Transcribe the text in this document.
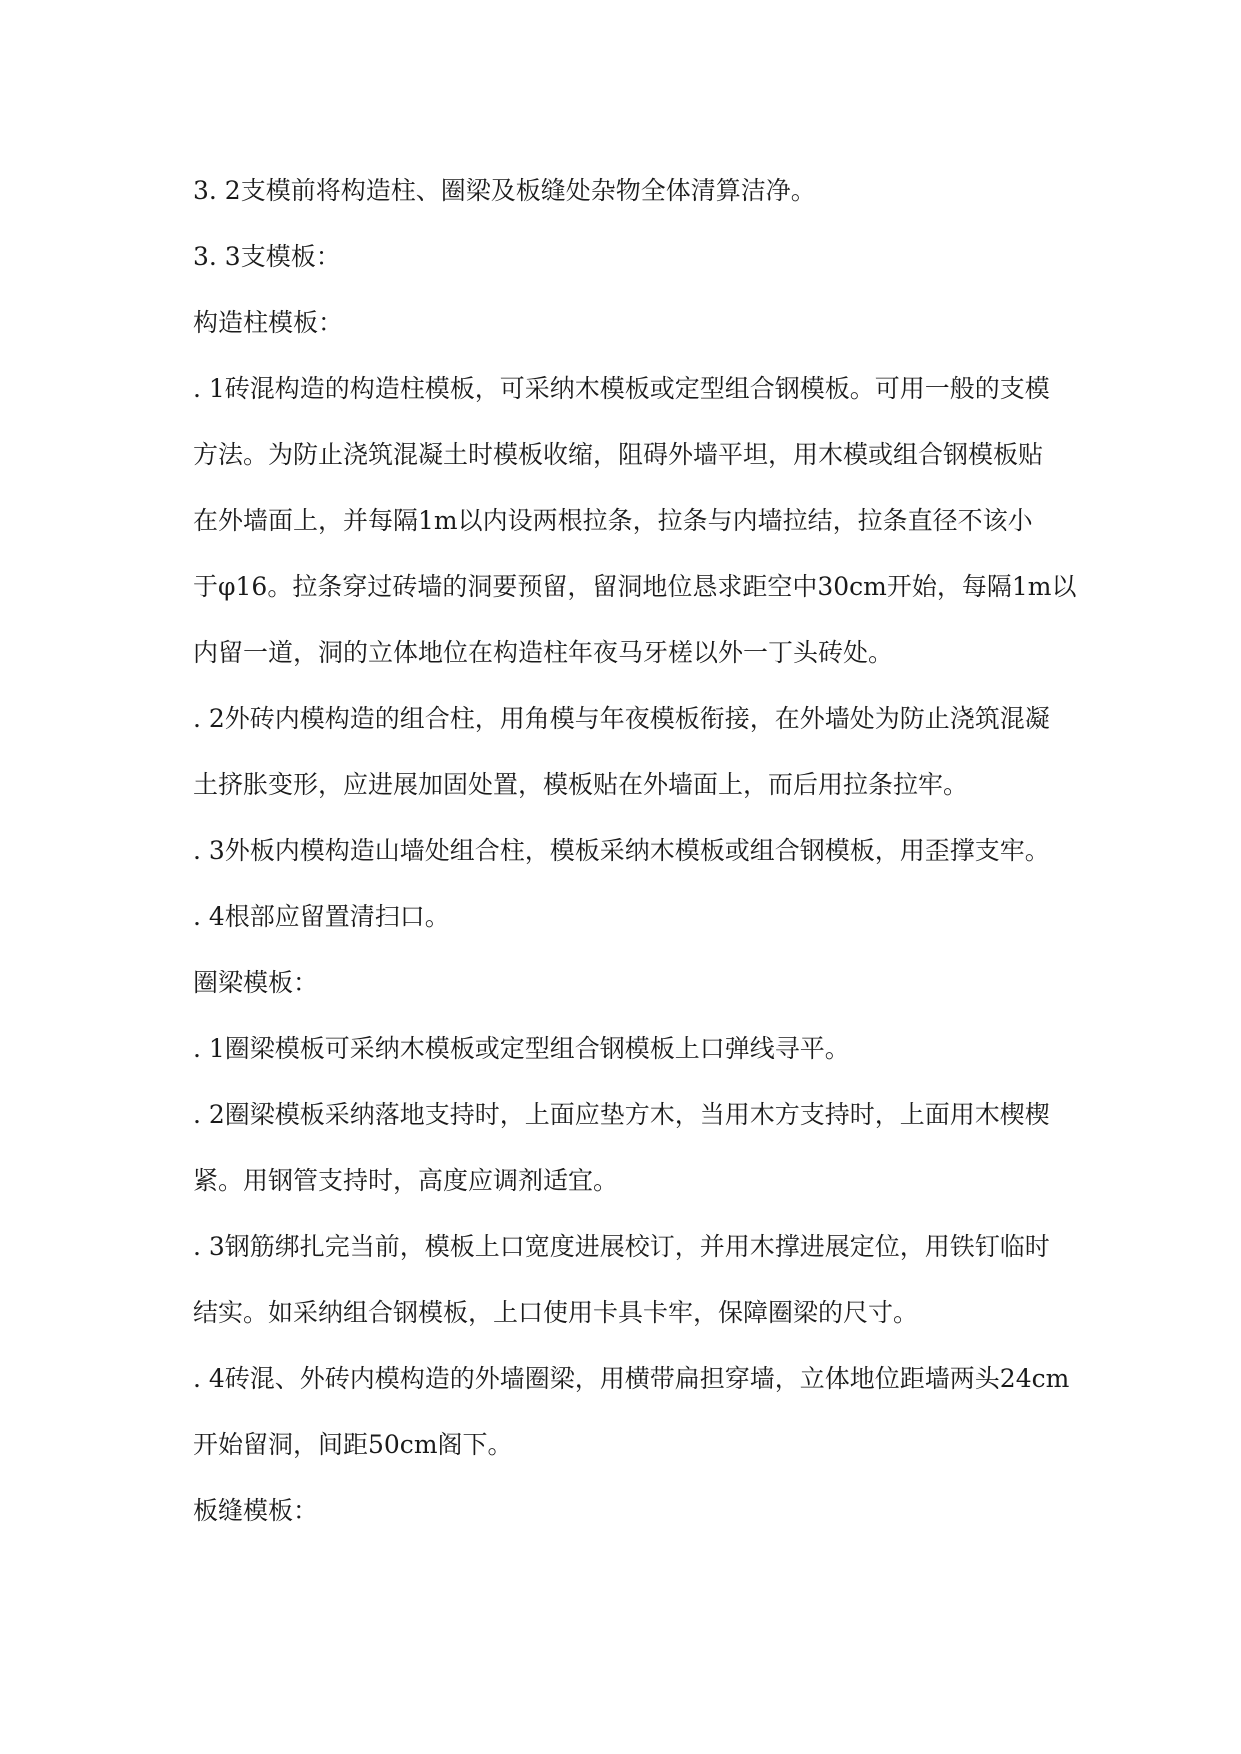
3. 2支模前将构造柱、圈梁及板缝处杂物全体清算洁净。

3. 3支模板：

构造柱模板：

. 1砖混构造的构造柱模板，可采纳木模板或定型组合钢模板。可用一般的支模

方法。为防止浇筑混凝土时模板收缩，阻碍外墙平坦，用木模或组合钢模板贴

在外墙面上，并每隔1m以内设两根拉条，拉条与内墙拉结，拉条直径不该小

于φ16。拉条穿过砖墙的洞要预留，留洞地位恳求距空中30cm开始，每隔1m以

内留一道，洞的立体地位在构造柱年夜马牙槎以外一丁头砖处。

. 2外砖内模构造的组合柱，用角模与年夜模板衔接，在外墙处为防止浇筑混凝

土挤胀变形，应进展加固处置，模板贴在外墙面上，而后用拉条拉牢。

. 3外板内模构造山墙处组合柱，模板采纳木模板或组合钢模板，用歪撑支牢。

. 4根部应留置清扫口。

圈梁模板：

. 1圈梁模板可采纳木模板或定型组合钢模板上口弹线寻平。

. 2圈梁模板采纳落地支持时，上面应垫方木，当用木方支持时，上面用木楔楔

紧。用钢管支持时，高度应调剂适宜。

. 3钢筋绑扎完当前，模板上口宽度进展校订，并用木撑进展定位，用铁钉临时

结实。如采纳组合钢模板，上口使用卡具卡牢，保障圈梁的尺寸。

. 4砖混、外砖内模构造的外墙圈梁，用横带扁担穿墙，立体地位距墙两头24cm

开始留洞，间距50cm阁下。

板缝模板：
